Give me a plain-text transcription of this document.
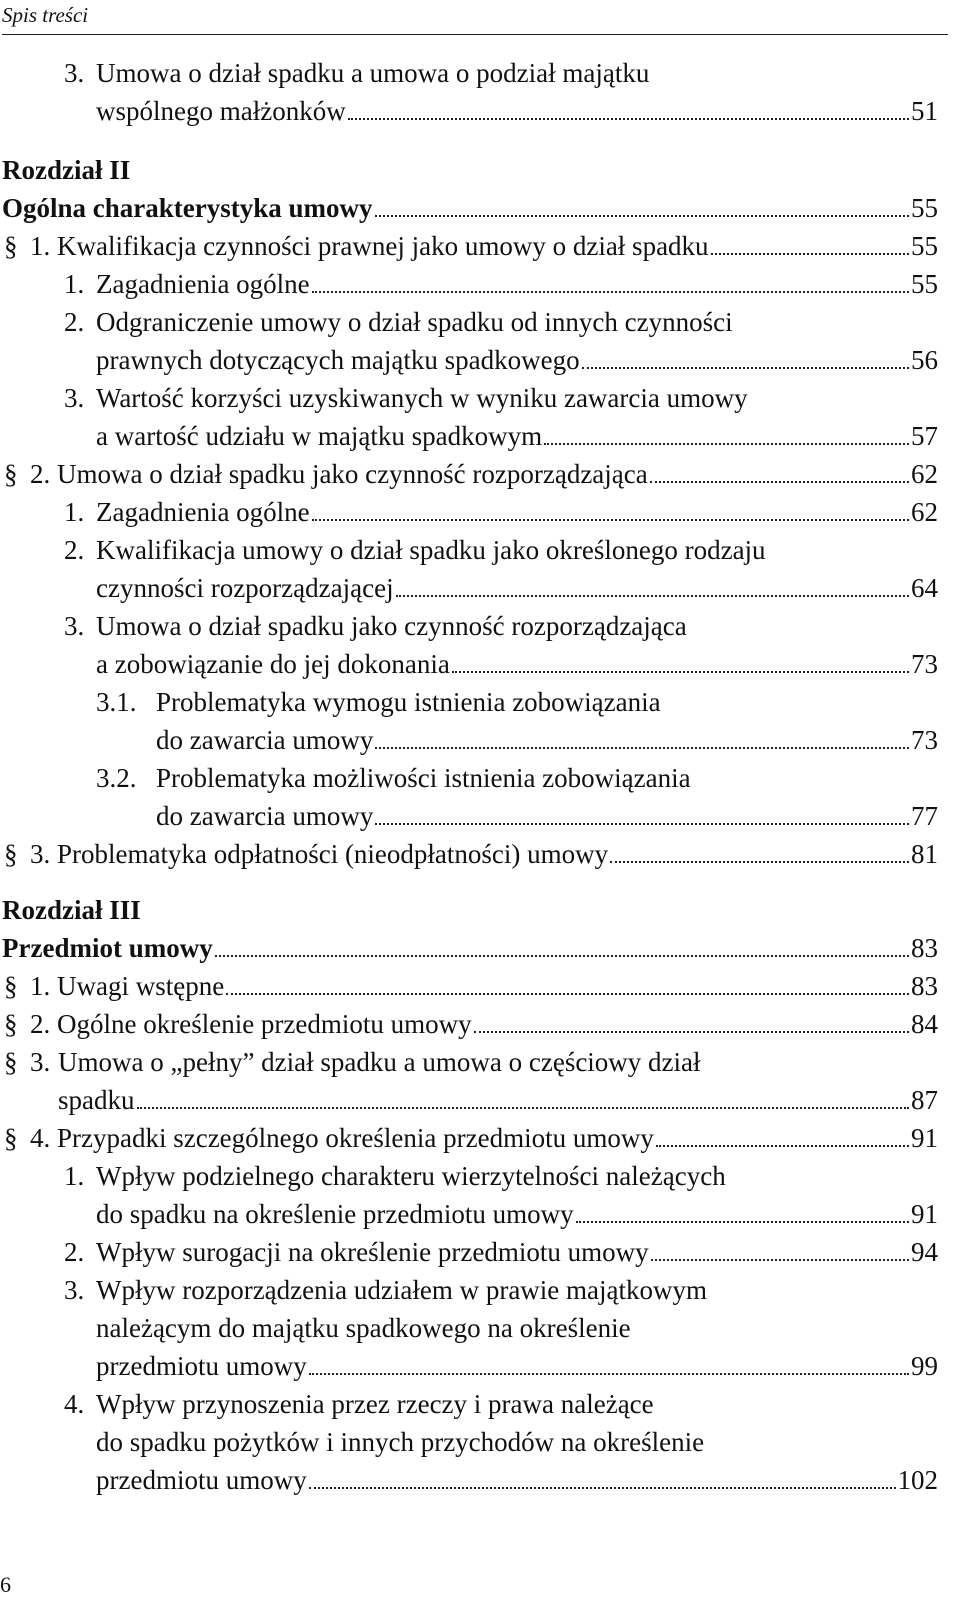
Spis treści
3. Umowa o dział spadku a umowa o podział majątku
wspólnego małżonków	51
Rozdział II
Ogólna charakterystyka umowy	55
§ 1.
Kwalifikacja czynności prawnej jako umowy o dział spadku	55
1. Zagadnienia ogólne	55
2. Odgraniczenie umowy o dział spadku od innych czynności
prawnych dotyczących majątku spadkowego	56
3. Wartość korzyści uzyskiwanych w wyniku zawarcia umowy
a wartość udziału w majątku spadkowym	57
§ 2.
Umowa o dział spadku jako czynność rozporządzająca	62
1. Zagadnienia ogólne	62
2. Kwalifikacja umowy o dział spadku jako określonego rodzaju
czynności rozporządzającej	64
3. Umowa o dział spadku jako czynność rozporządzająca
a zobowiązanie do jej dokonania	73
3.1. Problematyka wymogu istnienia zobowiązania
do zawarcia umowy	73
3.2. Problematyka możliwości istnienia zobowiązania
do zawarcia umowy	77
§ 3.
Problematyka odpłatności (nieodpłatności) umowy	81
Rozdział III
Przedmiot umowy	83
§ 1.
Uwagi wstępne	83
§ 2.
Ogólne określenie przedmiotu umowy	84
§ 3. Umowa o „pełny” dział spadku a umowa o częściowy dział
spadku	87
§ 4.
Przypadki szczególnego określenia przedmiotu umowy	91
1. Wpływ podzielnego charakteru wierzytelności należących
do spadku na określenie przedmiotu umowy	91
2. Wpływ surogacji na określenie przedmiotu umowy	94
3. Wpływ rozporządzenia udziałem w prawie majątkowym
należącym do majątku spadkowego na określenie
przedmiotu umowy	99
4. Wpływ przynoszenia przez rzeczy i prawa należące
do spadku pożytków i innych przychodów na określenie
przedmiotu umowy	102
6
